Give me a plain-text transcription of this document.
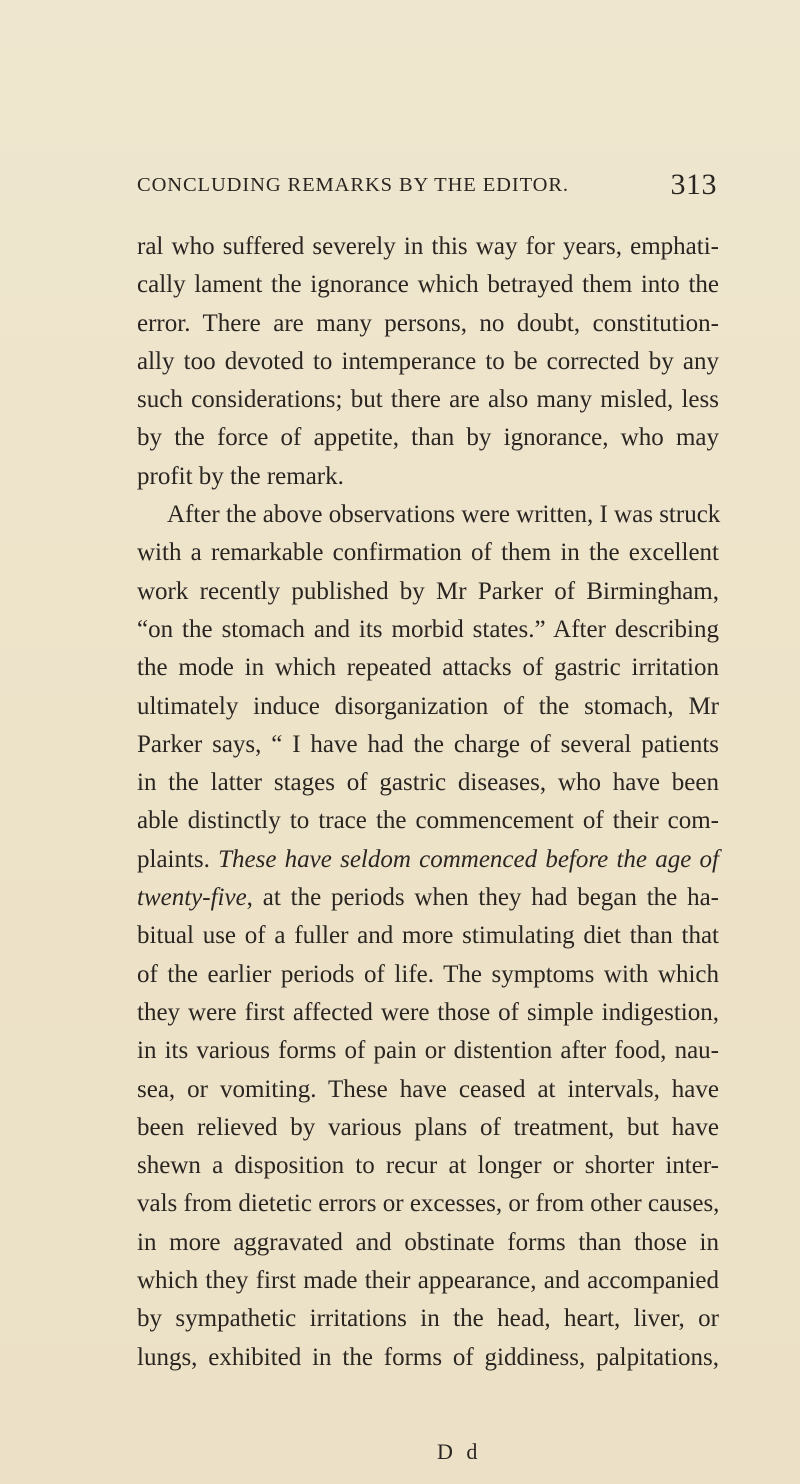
CONCLUDING REMARKS BY THE EDITOR.	313
ral who suffered severely in this way for years, emphati-
cally lament the ignorance which betrayed them into the
error. There are many persons, no doubt, constitution-
ally too devoted to intemperance to be corrected by any
such considerations; but there are also many misled, less
by the force of appetite, than by ignorance, who may
profit by the remark.
After the above observations were written, I was struck
with a remarkable confirmation of them in the excellent
work recently published by Mr Parker of Birmingham,
“on the stomach and its morbid states.” After describing
the mode in which repeated attacks of gastric irritation
ultimately induce disorganization of the stomach, Mr
Parker says, “ I have had the charge of several patients
in the latter stages of gastric diseases, who have been
able distinctly to trace the commencement of their com-
plaints. These have seldom commenced before the age of
twenty-five, at the periods when they had began the ha-
bitual use of a fuller and more stimulating diet than that
of the earlier periods of life. The symptoms with which
they were first affected were those of simple indigestion,
in its various forms of pain or distention after food, nau-
sea, or vomiting. These have ceased at intervals, have
been relieved by various plans of treatment, but have
shewn a disposition to recur at longer or shorter inter-
vals from dietetic errors or excesses, or from other causes,
in more aggravated and obstinate forms than those in
which they first made their appearance, and accompanied
by sympathetic irritations in the head, heart, liver, or
lungs, exhibited in the forms of giddiness, palpitations,
D d
